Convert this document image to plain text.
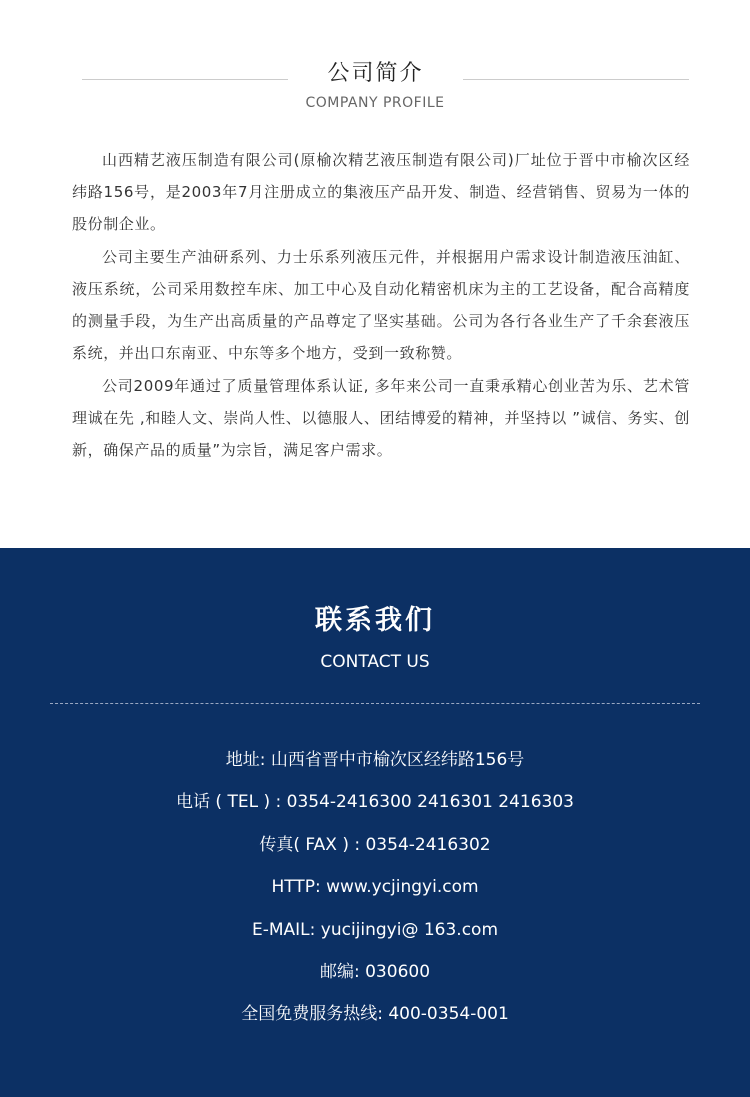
公司简介
COMPANY PROFILE

山西精艺液压制造有限公司(原榆次精艺液压制造有限公司)厂址位于晋中市榆次区经纬路156号，是2003年7月注册成立的集液压产品开发、制造、经营销售、贸易为一体的股份制企业。

公司主要生产油研系列、力士乐系列液压元件，并根据用户需求设计制造液压油缸、液压系统，公司采用数控车床、加工中心及自动化精密机床为主的工艺设备，配合高精度的测量手段，为生产出高质量的产品尊定了坚实基础。公司为各行各业生产了千余套液压系统，并出口东南亚、中东等多个地方，受到一致称赞。

公司2009年通过了质量管理体系认证, 多年来公司一直秉承精心创业苦为乐、艺术管理诚在先 ,和睦人文、崇尚人性、以德服人、团结博爱的精神，并坚持以 ”诚信、务实、创新，确保产品的质量”为宗旨，满足客户需求。

联系我们
CONTACT US
地址: 山西省晋中市榆次区经纬路156号
电话 ( TEL ) : 0354-2416300 2416301 2416303
传真( FAX ) : 0354-2416302
HTTP: www.ycjingyi.com
E-MAIL: yucijingyi@ 163.com
邮编: 030600
全国免费服务热线: 400-0354-001
